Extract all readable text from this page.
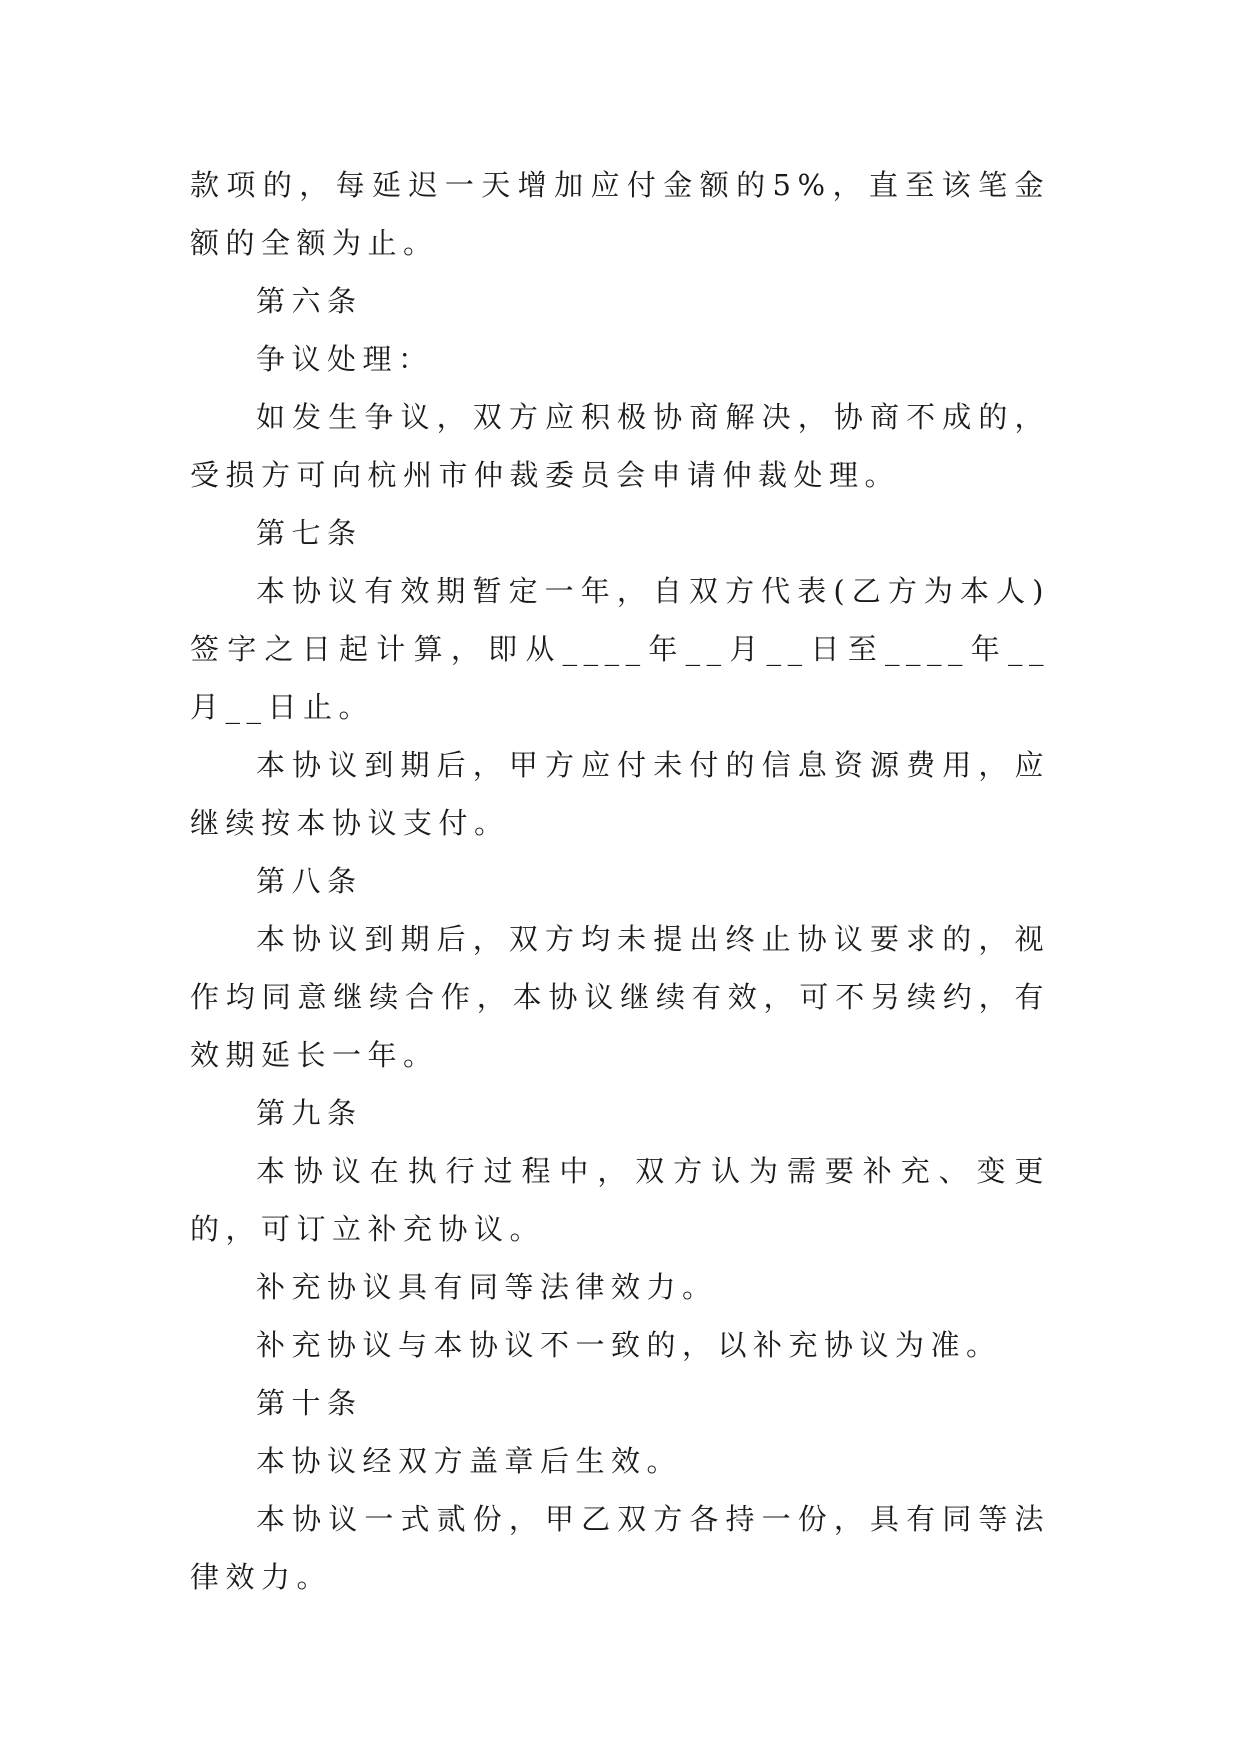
款项的，每延迟一天增加应付金额的5%，直至该笔金额的全额为止。

第六条

争议处理：

如发生争议，双方应积极协商解决，协商不成的，受损方可向杭州市仲裁委员会申请仲裁处理。

第七条

本协议有效期暂定一年，自双方代表(乙方为本人)签字之日起计算，即从____年__月__日至____年__月__日止。

本协议到期后，甲方应付未付的信息资源费用，应继续按本协议支付。

第八条

本协议到期后，双方均未提出终止协议要求的，视作均同意继续合作，本协议继续有效，可不另续约，有效期延长一年。

第九条

本协议在执行过程中，双方认为需要补充、变更的，可订立补充协议。

补充协议具有同等法律效力。

补充协议与本协议不一致的，以补充协议为准。

第十条

本协议经双方盖章后生效。

本协议一式贰份，甲乙双方各持一份，具有同等法律效力。
